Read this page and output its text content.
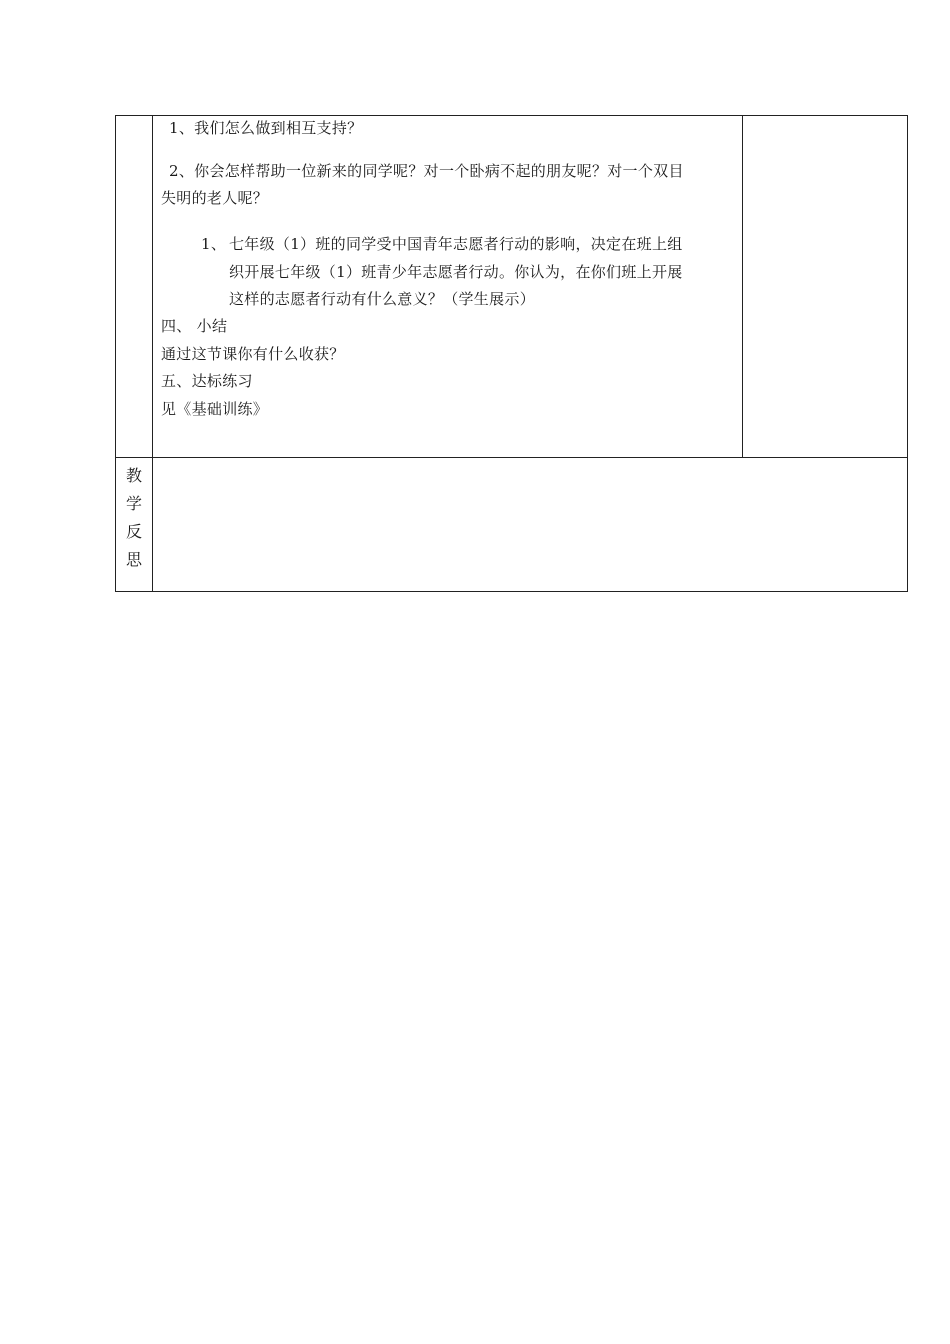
1、我们怎么做到相互支持？
2、你会怎样帮助一位新来的同学呢？对一个卧病不起的朋友呢？对一个双目
失明的老人呢？
1、 七年级（1）班的同学受中国青年志愿者行动的影响，决定在班上组
织开展七年级（1）班青少年志愿者行动。你认为，在你们班上开展
这样的志愿者行动有什么意义？（学生展示）
四、 小结
通过这节课你有什么收获？
五、达标练习
见《基础训练》
教
学
反
思
